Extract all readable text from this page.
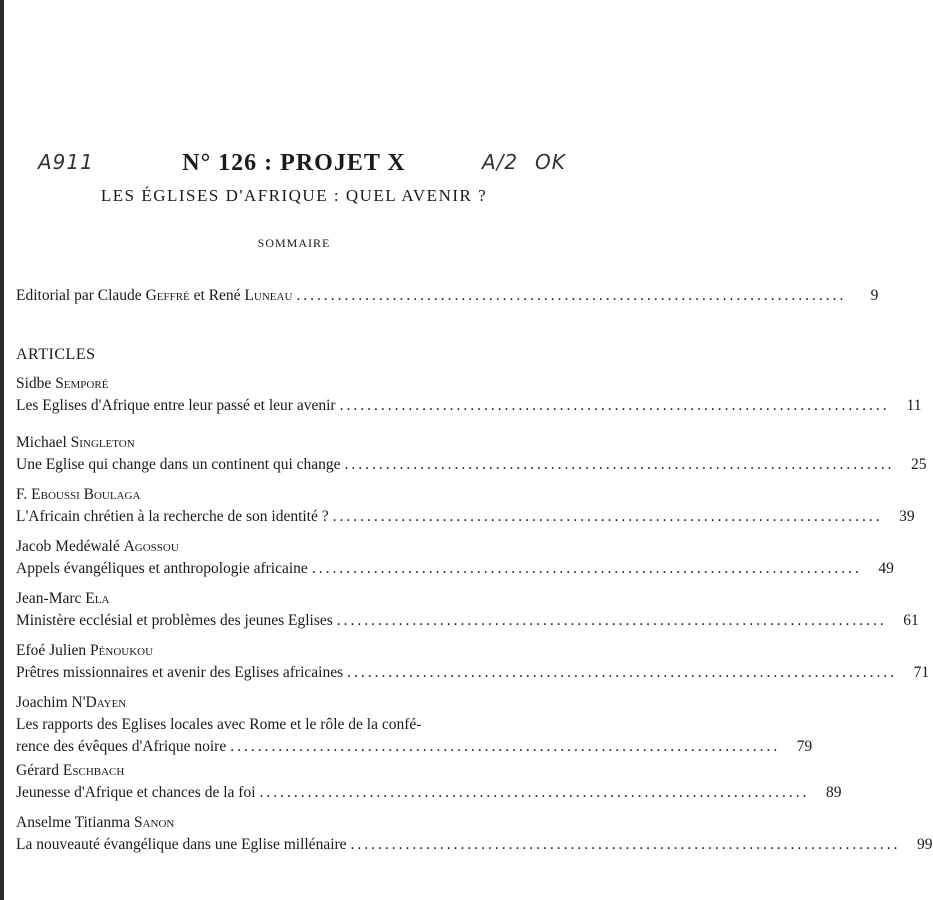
A911	A/2 OK
N° 126 : PROJET X
LES ÉGLISES D'AFRIQUE : QUEL AVENIR ?
SOMMAIRE
Editorial par Claude Geffré et René Luneau ................................................................................	9
ARTICLES
Sidbe Semporé
Les Eglises d'Afrique entre leur passé et leur avenir ................................................................................	11
Michael Singleton
Une Eglise qui change dans un continent qui change ................................................................................	25
F. Eboussi Boulaga
L'Africain chrétien à la recherche de son identité ? ................................................................................	39
Jacob Medéwalé Agossou
Appels évangéliques et anthropologie africaine ................................................................................	49
Jean-Marc Ela
Ministère ecclésial et problèmes des jeunes Eglises ................................................................................	61
Efoé Julien Pénoukou
Prêtres missionnaires et avenir des Eglises africaines ................................................................................	71
Joachim N'Dayen
Les rapports des Eglises locales avec Rome et le rôle de la confé-
rence des évêques d'Afrique noire ................................................................................	79
Gérard Eschbach
Jeunesse d'Afrique et chances de la foi ................................................................................	89
Anselme Titianma Sanon
La nouveauté évangélique dans une Eglise millénaire ................................................................................	99
